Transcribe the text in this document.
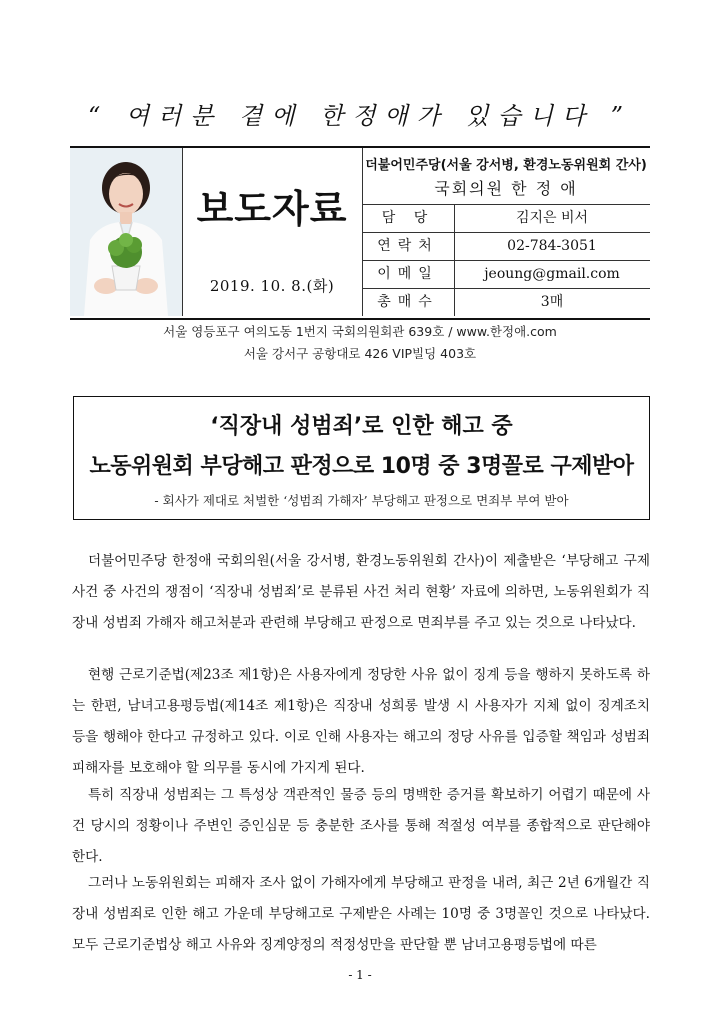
“ 여러분 곁에 한정애가 있습니다 ”
보도자료
2019. 10. 8.(화)
더불어민주당(서울 강서병, 환경노동위원회 간사)
국회의원 한 정 애
담 당	김지은 비서
연락처	02-784-3051
이메일	jeoung@gmail.com
총매수	3매
서울 영등포구 여의도동 1번지 국회의원회관 639호 / www.한정애.com
서울 강서구 공항대로 426 VIP빌딩 403호
‘직장내 성범죄’로 인한 해고 중
노동위원회 부당해고 판정으로 10명 중 3명꼴로 구제받아
- 회사가 제대로 처벌한 ‘성범죄 가해자’ 부당해고 판정으로 면죄부 부여 받아
더불어민주당 한정애 국회의원(서울 강서병, 환경노동위원회 간사)이 제출받은 ‘부당해고 구제사건 중 사건의 쟁점이 ‘직장내 성범죄’로 분류된 사건 처리 현황’ 자료에 의하면, 노동위원회가 직장내 성범죄 가해자 해고처분과 관련해 부당해고 판정으로 면죄부를 주고 있는 것으로 나타났다.
현행 근로기준법(제23조 제1항)은 사용자에게 정당한 사유 없이 징계 등을 행하지 못하도록 하는 한편, 남녀고용평등법(제14조 제1항)은 직장내 성희롱 발생 시 사용자가 지체 없이 징계조치 등을 행해야 한다고 규정하고 있다. 이로 인해 사용자는 해고의 정당 사유를 입증할 책임과 성범죄 피해자를 보호해야 할 의무를 동시에 가지게 된다.
특히 직장내 성범죄는 그 특성상 객관적인 물증 등의 명백한 증거를 확보하기 어렵기 때문에 사건 당시의 정황이나 주변인 증인심문 등 충분한 조사를 통해 적절성 여부를 종합적으로 판단해야 한다.
그러나 노동위원회는 피해자 조사 없이 가해자에게 부당해고 판정을 내려, 최근 2년 6개월간 직장내 성범죄로 인한 해고 가운데 부당해고로 구제받은 사례는 10명 중 3명꼴인 것으로 나타났다. 모두 근로기준법상 해고 사유와 징계양정의 적정성만을 판단할 뿐 남녀고용평등법에 따른
- 1 -
